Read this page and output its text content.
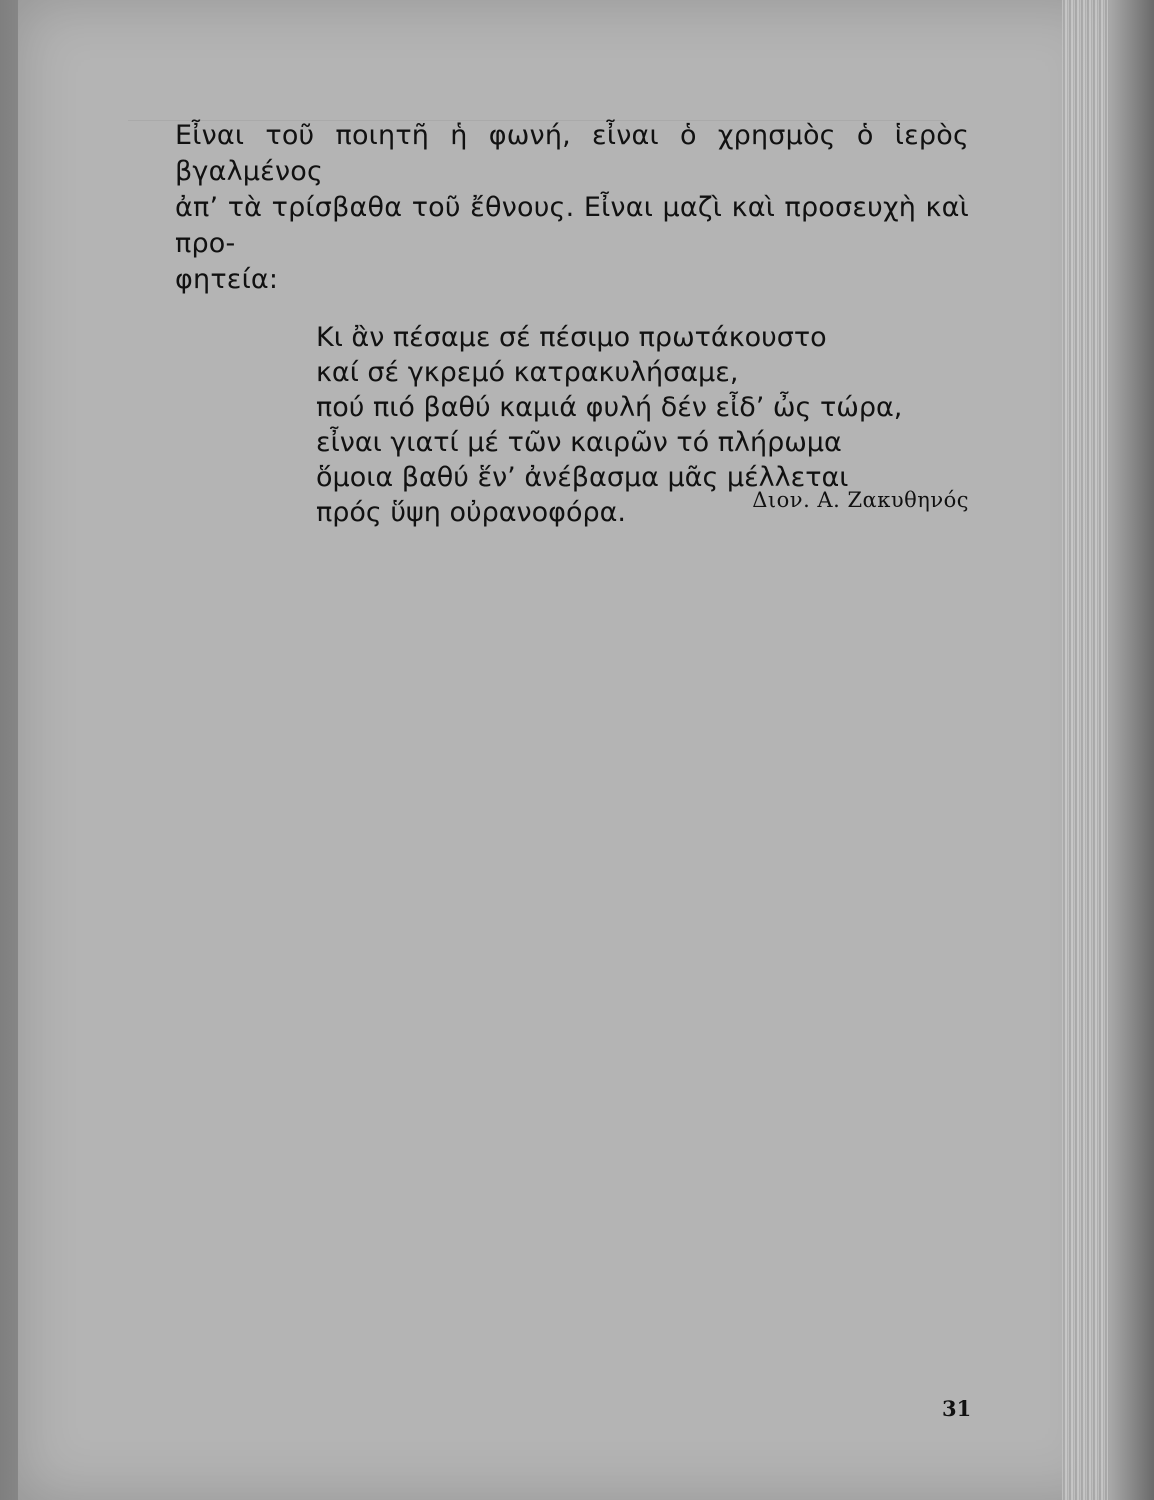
Εἶναι τοῦ ποιητῆ ἡ φωνή, εἶναι ὁ χρησμὸς ὁ ἱερὸς βγαλμένος
ἀπ’ τὰ τρίσβαθα τοῦ ἔθνους. Εἶναι μαζὶ καὶ προσευχὴ καὶ προ-
φητεία:

Κι ἂν πέσαμε σέ πέσιμο πρωτάκουστο
καί σέ γκρεμό κατρακυλήσαμε,
πού πιό βαθύ καμιά φυλή δέν εἶδ’ ὦς τώρα,
εἶναι γιατί μέ τῶν καιρῶν τό πλήρωμα
ὅμοια βαθύ ἕν’ ἀνέβασμα μᾶς μέλλεται
πρός ὕψη οὐρανοφόρα.	Διον. Α. Ζακυθηνός
31
